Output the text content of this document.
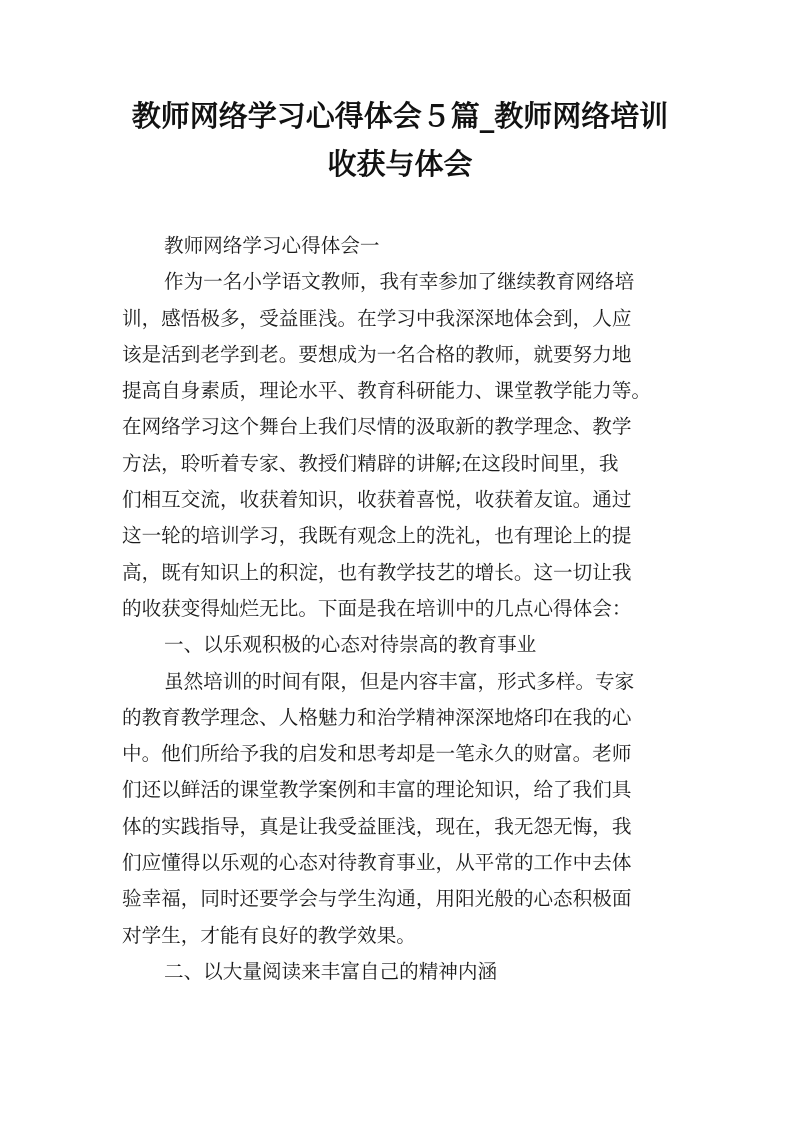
教师网络学习心得体会５篇_教师网络培训
收获与体会
教师网络学习心得体会一
作为一名小学语文教师，我有幸参加了继续教育网络培
训，感悟极多，受益匪浅。在学习中我深深地体会到，人应
该是活到老学到老。要想成为一名合格的教师，就要努力地
提高自身素质，理论水平、教育科研能力、课堂教学能力等。
在网络学习这个舞台上我们尽情的汲取新的教学理念、教学
方法，聆听着专家、教授们精辟的讲解;在这段时间里，我
们相互交流，收获着知识，收获着喜悦，收获着友谊。通过
这一轮的培训学习，我既有观念上的洗礼，也有理论上的提
高，既有知识上的积淀，也有教学技艺的增长。这一切让我
的收获变得灿烂无比。下面是我在培训中的几点心得体会：
一、以乐观积极的心态对待崇高的教育事业
虽然培训的时间有限，但是内容丰富，形式多样。专家
的教育教学理念、人格魅力和治学精神深深地烙印在我的心
中。他们所给予我的启发和思考却是一笔永久的财富。老师
们还以鲜活的课堂教学案例和丰富的理论知识，给了我们具
体的实践指导，真是让我受益匪浅，现在，我无怨无悔，我
们应懂得以乐观的心态对待教育事业，从平常的工作中去体
验幸福，同时还要学会与学生沟通，用阳光般的心态积极面
对学生，才能有良好的教学效果。
二、以大量阅读来丰富自己的精神内涵
